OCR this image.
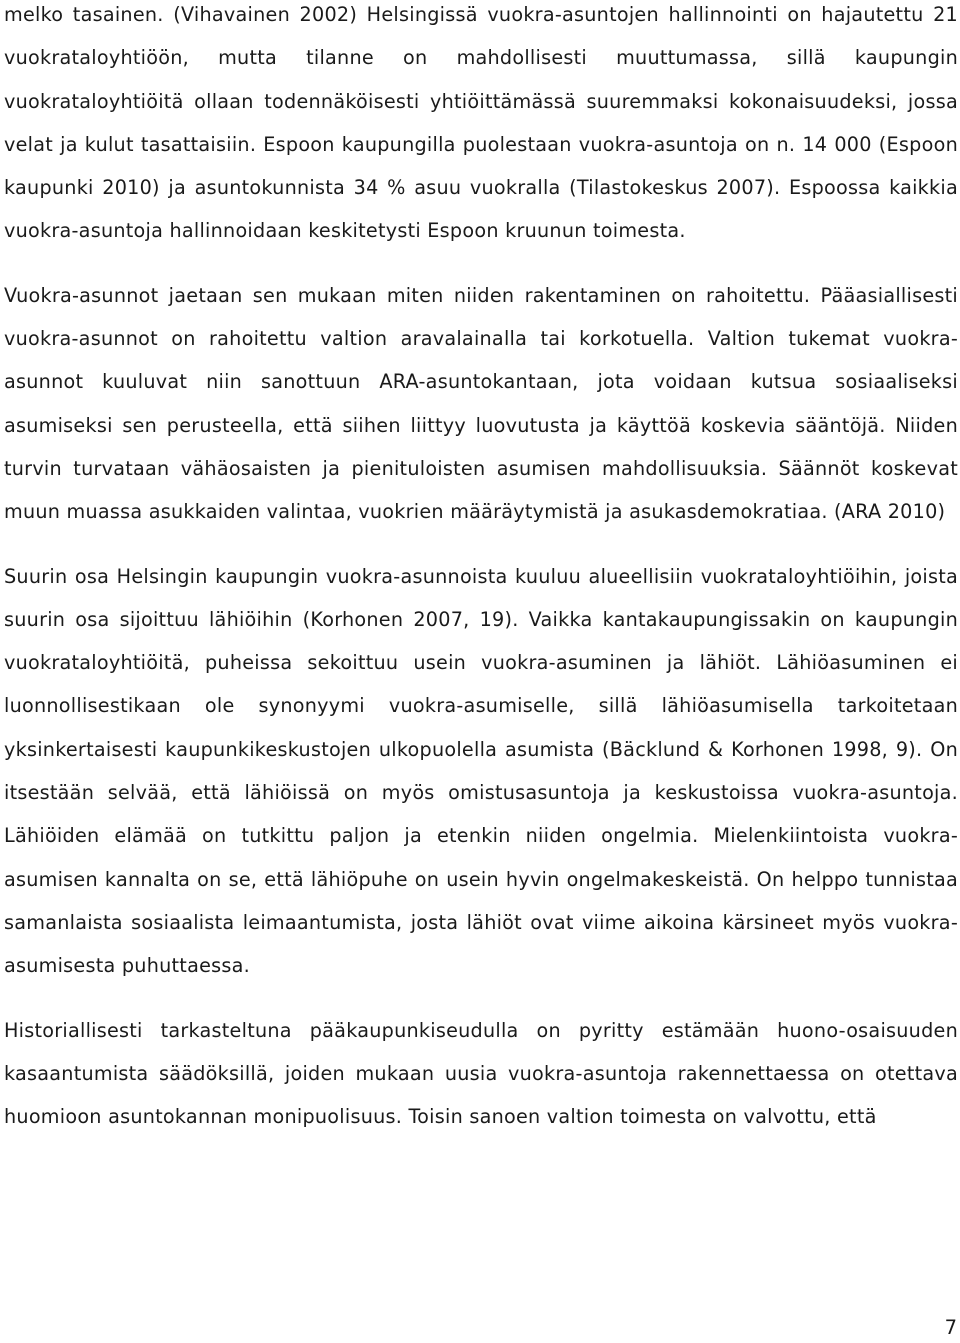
melko tasainen. (Vihavainen 2002) Helsingissä vuokra-asuntojen hallinnointi on hajautettu 21 vuokrataloyhtiöön, mutta tilanne on mahdollisesti muuttumassa, sillä kaupungin vuokrataloyhtiöitä ollaan todennäköisesti yhtiöittämässä suuremmaksi kokonaisuudeksi, jossa velat ja kulut tasattaisiin. Espoon kaupungilla puolestaan vuokra-asuntoja on n. 14 000 (Espoon kaupunki 2010) ja asuntokunnista 34 % asuu vuokralla (Tilastokeskus 2007). Espoossa kaikkia vuokra-asuntoja hallinnoidaan keskitetysti Espoon kruunun toimesta.

Vuokra-asunnot jaetaan sen mukaan miten niiden rakentaminen on rahoitettu. Pääasiallisesti vuokra-asunnot on rahoitettu valtion aravalainalla tai korkotuella. Valtion tukemat vuokra-asunnot kuuluvat niin sanottuun ARA-asuntokantaan, jota voidaan kutsua sosiaaliseksi asumiseksi sen perusteella, että siihen liittyy luovutusta ja käyttöä koskevia sääntöjä. Niiden turvin turvataan vähäosaisten ja pienituloisten asumisen mahdollisuuksia. Säännöt koskevat muun muassa asukkaiden valintaa, vuokrien määräytymistä ja asukasdemokratiaa. (ARA 2010)

Suurin osa Helsingin kaupungin vuokra-asunnoista kuuluu alueellisiin vuokrataloyhtiöihin, joista suurin osa sijoittuu lähiöihin (Korhonen 2007, 19). Vaikka kantakaupungissakin on kaupungin vuokrataloyhtiöitä, puheissa sekoittuu usein vuokra-asuminen ja lähiöt. Lähiöasuminen ei luonnollisestikaan ole synonyymi vuokra-asumiselle, sillä lähiöasumisella tarkoitetaan yksinkertaisesti kaupunkikeskustojen ulkopuolella asumista (Bäcklund & Korhonen 1998, 9). On itsestään selvää, että lähiöissä on myös omistusasuntoja ja keskustoissa vuokra-asuntoja. Lähiöiden elämää on tutkittu paljon ja etenkin niiden ongelmia. Mielenkiintoista vuokra-asumisen kannalta on se, että lähiöpuhe on usein hyvin ongelmakeskeistä. On helppo tunnistaa samanlaista sosiaalista leimaantumista, josta lähiöt ovat viime aikoina kärsineet myös vuokra-asumisesta puhuttaessa.

Historiallisesti tarkasteltuna pääkaupunkiseudulla on pyritty estämään huono-osaisuuden kasaantumista säädöksillä, joiden mukaan uusia vuokra-asuntoja rakennettaessa on otettava huomioon asuntokannan monipuolisuus. Toisin sanoen valtion toimesta on valvottu, että

7
